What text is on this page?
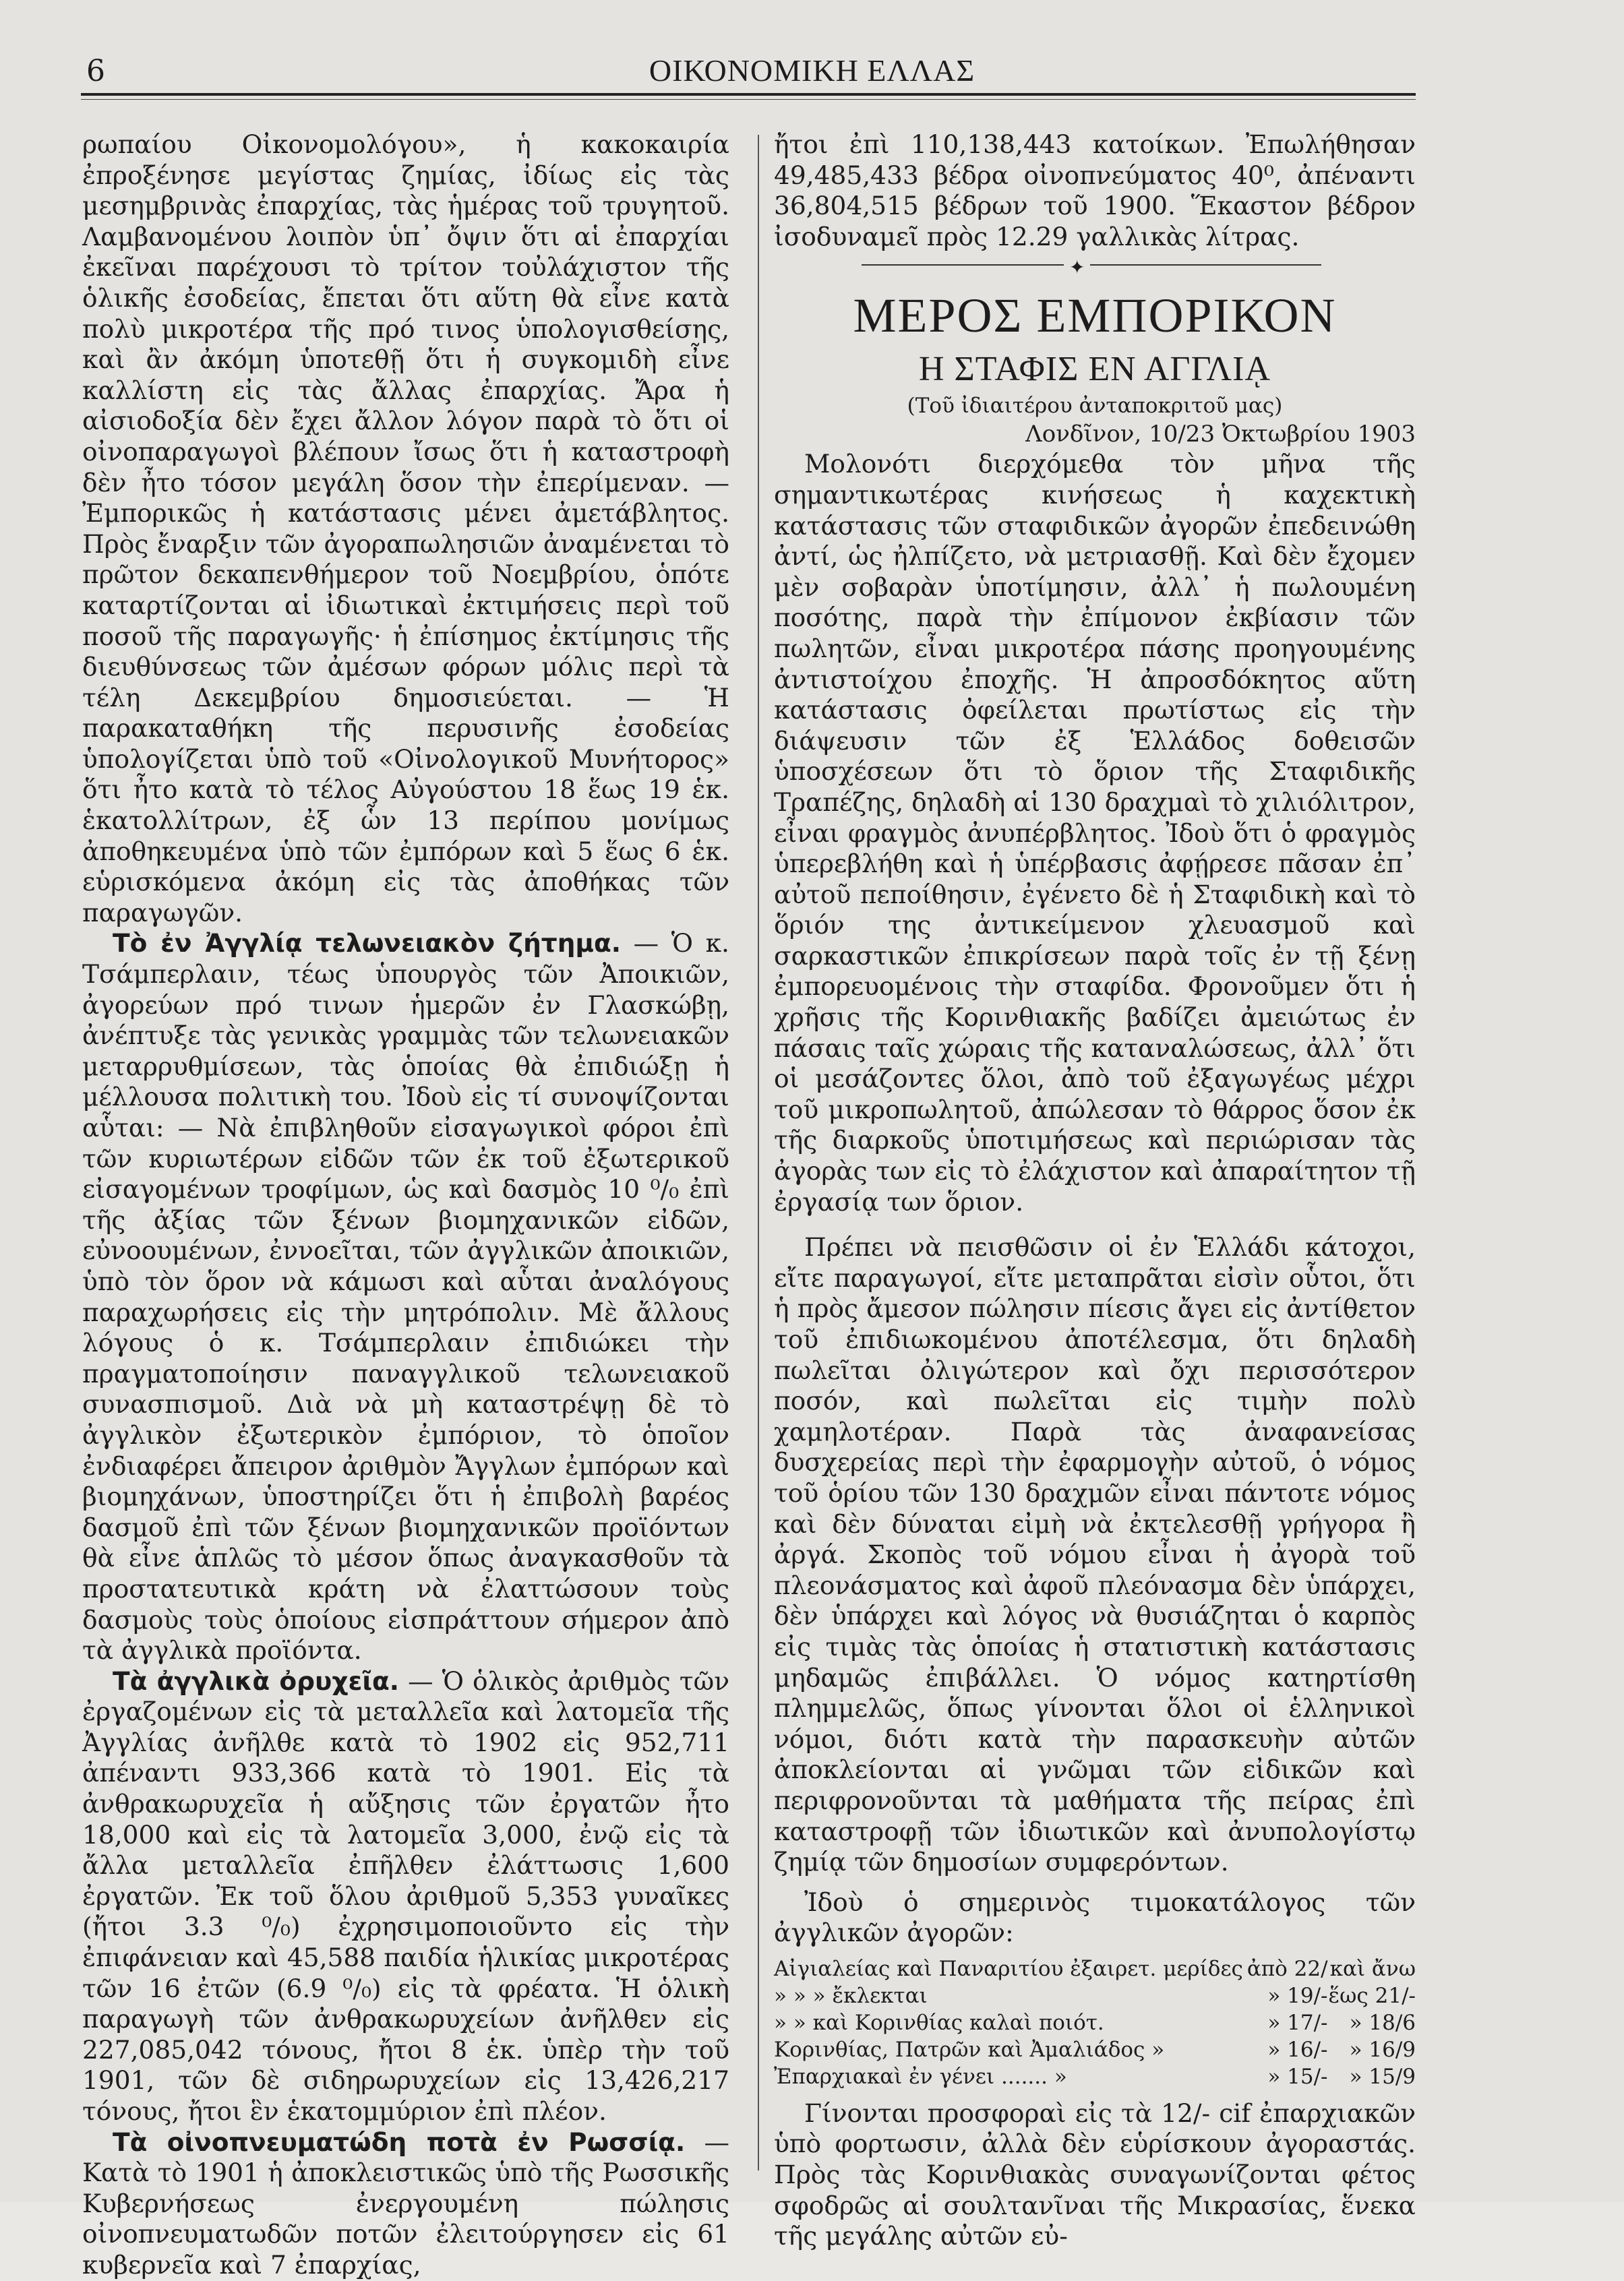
6	ΟΙΚΟΝΟΜΙΚΗ ΕΛΛΑΣ

ρωπαίου Οἰκονομολόγου», ἡ κακοκαιρία ἐπροξένησε μεγίστας ζημίας, ἰδίως εἰς τὰς μεσημβρινὰς ἐπαρχίας, τὰς ἡμέρας τοῦ τρυγητοῦ. Λαμβανομένου λοιπὸν ὑπ᾽ ὄψιν ὅτι αἱ ἐπαρχίαι ἐκεῖναι παρέχουσι τὸ τρίτον τοὐλάχιστον τῆς ὁλικῆς ἐσοδείας, ἔπεται ὅτι αὕτη θὰ εἶνε κατὰ πολὺ μικροτέρα τῆς πρό τινος ὑπολογισθείσης, καὶ ἂν ἀκόμη ὑποτεθῇ ὅτι ἡ συγκομιδὴ εἶνε καλλίστη εἰς τὰς ἄλλας ἐπαρχίας. Ἄρα ἡ αἰσιοδοξία δὲν ἔχει ἄλλον λόγον παρὰ τὸ ὅτι οἱ οἰνοπαραγωγοὶ βλέπουν ἴσως ὅτι ἡ καταστροφὴ δὲν ἦτο τόσον μεγάλη ὅσον τὴν ἐπερίμεναν. — Ἐμπορικῶς ἡ κατάστασις μένει ἀμετάβλητος. Πρὸς ἔναρξιν τῶν ἀγοραπωλησιῶν ἀναμένεται τὸ πρῶτον δεκαπενθήμερον τοῦ Νοεμβρίου, ὁπότε καταρτίζονται αἱ ἰδιωτικαὶ ἐκτιμήσεις περὶ τοῦ ποσοῦ τῆς παραγωγῆς· ἡ ἐπίσημος ἐκτίμησις τῆς διευθύνσεως τῶν ἀμέσων φόρων μόλις περὶ τὰ τέλη Δεκεμβρίου δημοσιεύεται. — Ἡ παρακαταθήκη τῆς περυσινῆς ἐσοδείας ὑπολογίζεται ὑπὸ τοῦ «Οἰνολογικοῦ Μυνήτορος» ὅτι ἦτο κατὰ τὸ τέλος Αὐγούστου 18 ἕως 19 ἑκ. ἑκατολλίτρων, ἐξ ὧν 13 περίπου μονίμως ἀποθηκευμένα ὑπὸ τῶν ἐμπόρων καὶ 5 ἕως 6 ἑκ. εὑρισκόμενα ἀκόμη εἰς τὰς ἀποθήκας τῶν παραγωγῶν.

Τὸ ἐν Ἀγγλίᾳ τελωνειακὸν ζήτημα. — Ὁ κ. Τσάμπερλαιν, τέως ὑπουργὸς τῶν Ἀποικιῶν, ἀγορεύων πρό τινων ἡμερῶν ἐν Γλασκώβῃ, ἀνέπτυξε τὰς γενικὰς γραμμὰς τῶν τελωνειακῶν μεταρρυθμίσεων, τὰς ὁποίας θὰ ἐπιδιώξῃ ἡ μέλλουσα πολιτικὴ του. Ἰδοὺ εἰς τί συνοψίζονται αὗται: — Νὰ ἐπιβληθοῦν εἰσαγωγικοὶ φόροι ἐπὶ τῶν κυριωτέρων εἰδῶν τῶν ἐκ τοῦ ἐξωτερικοῦ εἰσαγομένων τροφίμων, ὡς καὶ δασμὸς 10 ⁰/₀ ἐπὶ τῆς ἀξίας τῶν ξένων βιομηχανικῶν εἰδῶν, εὐνοουμένων, ἐννοεῖται, τῶν ἀγγλικῶν ἀποικιῶν, ὑπὸ τὸν ὅρον νὰ κάμωσι καὶ αὗται ἀναλόγους παραχωρήσεις εἰς τὴν μητρόπολιν. Μὲ ἄλλους λόγους ὁ κ. Τσάμπερλαιν ἐπιδιώκει τὴν πραγματοποίησιν παναγγλικοῦ τελωνειακοῦ συνασπισμοῦ. Διὰ νὰ μὴ καταστρέψῃ δὲ τὸ ἀγγλικὸν ἐξωτερικὸν ἐμπόριον, τὸ ὁποῖον ἐνδιαφέρει ἄπειρον ἀριθμὸν Ἄγγλων ἐμπόρων καὶ βιομηχάνων, ὑποστηρίζει ὅτι ἡ ἐπιβολὴ βαρέος δασμοῦ ἐπὶ τῶν ξένων βιομηχανικῶν προϊόντων θὰ εἶνε ἁπλῶς τὸ μέσον ὅπως ἀναγκασθοῦν τὰ προστατευτικὰ κράτη νὰ ἐλαττώσουν τοὺς δασμοὺς τοὺς ὁποίους εἰσπράττουν σήμερον ἀπὸ τὰ ἀγγλικὰ προϊόντα.

Τὰ ἀγγλικὰ ὀρυχεῖα. — Ὁ ὁλικὸς ἀριθμὸς τῶν ἐργαζομένων εἰς τὰ μεταλλεῖα καὶ λατομεῖα τῆς Ἀγγλίας ἀνῆλθε κατὰ τὸ 1902 εἰς 952,711 ἀπέναντι 933,366 κατὰ τὸ 1901. Εἰς τὰ ἀνθρακωρυχεῖα ἡ αὔξησις τῶν ἐργατῶν ἦτο 18,000 καὶ εἰς τὰ λατομεῖα 3,000, ἐνῷ εἰς τὰ ἄλλα μεταλλεῖα ἐπῆλθεν ἐλάττωσις 1,600 ἐργατῶν. Ἐκ τοῦ ὅλου ἀριθμοῦ 5,353 γυναῖκες (ἤτοι 3.3 ⁰/₀) ἐχρησιμοποιοῦντο εἰς τὴν ἐπιφάνειαν καὶ 45,588 παιδία ἡλικίας μικροτέρας τῶν 16 ἐτῶν (6.9 ⁰/₀) εἰς τὰ φρέατα. Ἡ ὁλικὴ παραγωγὴ τῶν ἀνθρακωρυχείων ἀνῆλθεν εἰς 227,085,042 τόνους, ἤτοι 8 ἑκ. ὑπὲρ τὴν τοῦ 1901, τῶν δὲ σιδηρωρυχείων εἰς 13,426,217 τόνους, ἤτοι ἓν ἑκατομμύριον ἐπὶ πλέον.

Τὰ οἰνοπνευματώδη ποτὰ ἐν Ρωσσίᾳ. — Κατὰ τὸ 1901 ἡ ἀποκλειστικῶς ὑπὸ τῆς Ρωσσικῆς Κυβερνήσεως ἐνεργουμένη πώλησις οἰνοπνευματωδῶν ποτῶν ἐλειτούργησεν εἰς 61 κυβερνεῖα καὶ 7 ἐπαρχίας,

ἤτοι ἐπὶ 110,138,443 κατοίκων. Ἐπωλήθησαν 49,485,433 βέδρα οἰνοπνεύματος 40⁰, ἀπέναντι 36,804,515 βέδρων τοῦ 1900. Ἕκαστον βέδρον ἰσοδυναμεῖ πρὸς 12.29 γαλλικὰς λίτρας.

✦
ΜΕΡΟΣ ΕΜΠΟΡΙΚΟΝ
Η ΣΤΑΦΙΣ ΕΝ ΑΓΓΛΙᾼ

(Τοῦ ἰδιαιτέρου ἀνταποκριτοῦ μας)

Λονδῖνον, 10/23 Ὀκτωβρίου 1903

Μολονότι διερχόμεθα τὸν μῆνα τῆς σημαντικωτέρας κινήσεως ἡ καχεκτικὴ κατάστασις τῶν σταφιδικῶν ἀγορῶν ἐπεδεινώθη ἀντί, ὡς ἠλπίζετο, νὰ μετριασθῇ. Καὶ δὲν ἔχομεν μὲν σοβαρὰν ὑποτίμησιν, ἀλλ᾽ ἡ πωλουμένη ποσότης, παρὰ τὴν ἐπίμονον ἐκβίασιν τῶν πωλητῶν, εἶναι μικροτέρα πάσης προηγουμένης ἀντιστοίχου ἐποχῆς. Ἡ ἀπροσδόκητος αὕτη κατάστασις ὀφείλεται πρωτίστως εἰς τὴν διάψευσιν τῶν ἐξ Ἑλλάδος δοθεισῶν ὑποσχέσεων ὅτι τὸ ὅριον τῆς Σταφιδικῆς Τραπέζης, δηλαδὴ αἱ 130 δραχμαὶ τὸ χιλιόλιτρον, εἶναι φραγμὸς ἀνυπέρβλητος. Ἰδοὺ ὅτι ὁ φραγμὸς ὑπερεβλήθη καὶ ἡ ὑπέρβασις ἀφῄρεσε πᾶσαν ἐπ᾽ αὐτοῦ πεποίθησιν, ἐγένετο δὲ ἡ Σταφιδικὴ καὶ τὸ ὅριόν της ἀντικείμενον χλευασμοῦ καὶ σαρκαστικῶν ἐπικρίσεων παρὰ τοῖς ἐν τῇ ξένῃ ἐμπορευομένοις τὴν σταφίδα. Φρονοῦμεν ὅτι ἡ χρῆσις τῆς Κορινθιακῆς βαδίζει ἀμειώτως ἐν πάσαις ταῖς χώραις τῆς καταναλώσεως, ἀλλ᾽ ὅτι οἱ μεσάζοντες ὅλοι, ἀπὸ τοῦ ἐξαγωγέως μέχρι τοῦ μικροπωλητοῦ, ἀπώλεσαν τὸ θάρρος ὅσον ἐκ τῆς διαρκοῦς ὑποτιμήσεως καὶ περιώρισαν τὰς ἀγορὰς των εἰς τὸ ἐλάχιστον καὶ ἀπαραίτητον τῇ ἐργασίᾳ των ὅριον.

Πρέπει νὰ πεισθῶσιν οἱ ἐν Ἑλλάδι κάτοχοι, εἴτε παραγωγοί, εἴτε μεταπρᾶται εἰσὶν οὗτοι, ὅτι ἡ πρὸς ἄμεσον πώλησιν πίεσις ἄγει εἰς ἀντίθετον τοῦ ἐπιδιωκομένου ἀποτέλεσμα, ὅτι δηλαδὴ πωλεῖται ὀλιγώτερον καὶ ὄχι περισσότερον ποσόν, καὶ πωλεῖται εἰς τιμὴν πολὺ χαμηλοτέραν. Παρὰ τὰς ἀναφανείσας δυσχερείας περὶ τὴν ἐφαρμογὴν αὐτοῦ, ὁ νόμος τοῦ ὁρίου τῶν 130 δραχμῶν εἶναι πάντοτε νόμος καὶ δὲν δύναται εἰμὴ νὰ ἐκτελεσθῇ γρήγορα ἢ ἀργά. Σκοπὸς τοῦ νόμου εἶναι ἡ ἀγορὰ τοῦ πλεονάσματος καὶ ἀφοῦ πλεόνασμα δὲν ὑπάρχει, δὲν ὑπάρχει καὶ λόγος νὰ θυσιάζηται ὁ καρπὸς εἰς τιμὰς τὰς ὁποίας ἡ στατιστικὴ κατάστασις μηδαμῶς ἐπιβάλλει. Ὁ νόμος κατηρτίσθη πλημμελῶς, ὅπως γίνονται ὅλοι οἱ ἑλληνικοὶ νόμοι, διότι κατὰ τὴν παρασκευὴν αὐτῶν ἀποκλείονται αἱ γνῶμαι τῶν εἰδικῶν καὶ περιφρονοῦνται τὰ μαθήματα τῆς πείρας ἐπὶ καταστροφῇ τῶν ἰδιωτικῶν καὶ ἀνυπολογίστῳ ζημίᾳ τῶν δημοσίων συμφερόντων.

Ἰδοὺ ὁ σημερινὸς τιμοκατάλογος τῶν ἀγγλικῶν ἀγορῶν:

Αἰγιαλείας καὶ Παναριτίου ἐξαιρετ. μερίδες	ἀπὸ 22/	καὶ ἄνω
» » » ἔκλεκται	» 19/-	ἕως 21/-
» » καὶ Κορινθίας καλαὶ ποιότ.	» 17/-	» 18/6
Κορινθίας, Πατρῶν καὶ Ἀμαλιάδος »	» 16/-	» 16/9
Ἐπαρχιακαὶ ἐν γένει ....... »	» 15/-	» 15/9

Γίνονται προσφοραὶ εἰς τὰ 12/- cif ἐπαρχιακῶν ὑπὸ φορτωσιν, ἀλλὰ δὲν εὑρίσκουν ἀγοραστάς. Πρὸς τὰς Κορινθιακὰς συναγωνίζονται φέτος σφοδρῶς αἱ σουλτανῖναι τῆς Μικρασίας, ἕνεκα τῆς μεγάλης αὐτῶν εὐ-
